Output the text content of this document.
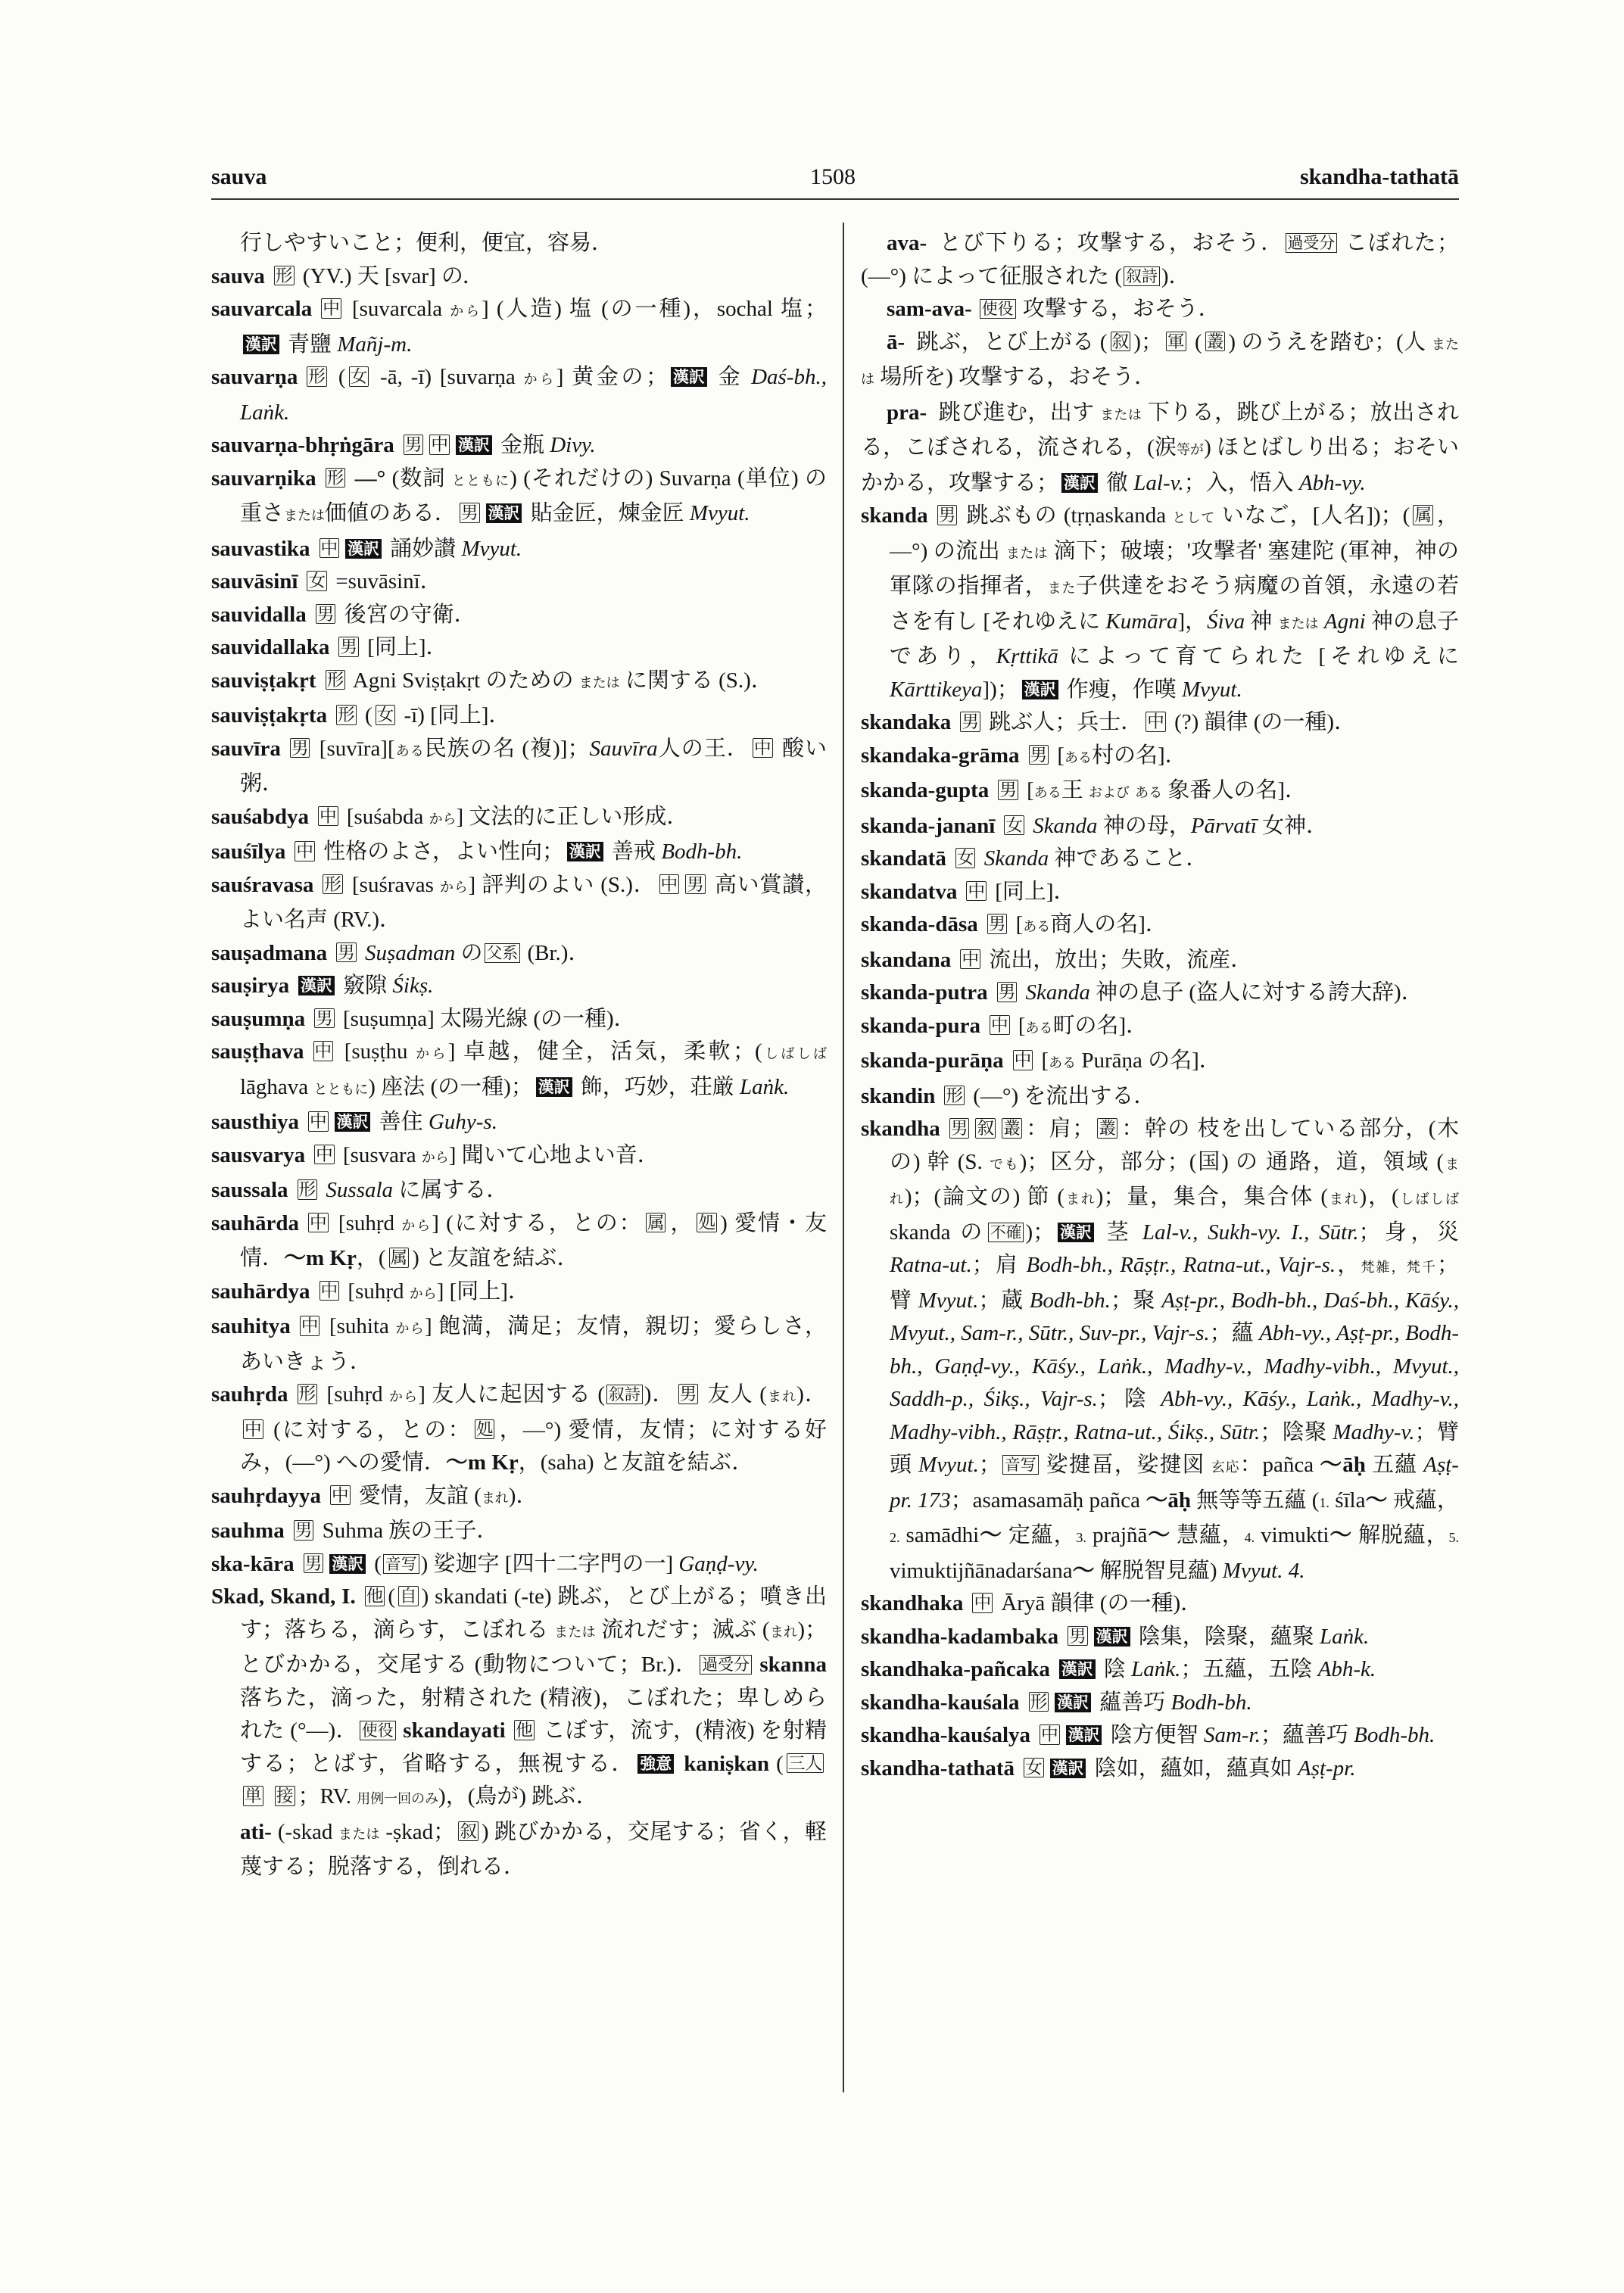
sauva	1508	skandha-tathatā

行しやすいこと；便利，便宜，容易．

sauva 形 (YV.) 天 [svar] の．

sauvarcala 中 [suvarcala から] (人造) 塩 (の一種)，sochal 塩；漢訳 青鹽 Mañj-m.

sauvarṇa 形 ( 女 -ā, -ī) [suvarṇa から] 黄金の； 漢訳 金 Daś-bh., Laṅk.

sauvarṇa-bhṛṅgāra 男 中 漢訳 金瓶 Divy.

sauvarṇika 形 —° (数詞 とともに) (それだけの) Suvarṇa (単位) の重さまたは価値のある． 男 漢訳 貼金匠，煉金匠 Mvyut.

sauvastika 中 漢訳 誦妙讃 Mvyut.

sauvāsinī 女 =suvāsinī．

sauvidalla 男 後宮の守衛．

sauvidallaka 男 [同上]．

sauviṣṭakṛt 形 Agni Sviṣṭakṛt のための または に関する (S.)．

sauviṣṭakṛta 形 ( 女 -ī) [同上]．

sauvīra 男 [suvīra][ある民族の名 (複)]；Sauvīra人の王． 中 酸い粥．

sauśabdya 中 [suśabda から] 文法的に正しい形成．

sauśīlya 中 性格のよさ，よい性向； 漢訳 善戒 Bodh-bh.

sauśravasa 形 [suśravas から] 評判のよい (S.)． 中 男 高い賞讃，よい名声 (RV.)．

sauṣadmana 男 Suṣadman の 父系 (Br.)．

sauṣirya 漢訳 竅隙 Śikṣ.

sauṣumṇa 男 [suṣumṇa] 太陽光線 (の一種)．

sauṣṭhava 中 [suṣṭhu から] 卓越，健全，活気，柔軟；(しばしば lāghava とともに) 座法 (の一種)； 漢訳 飾，巧妙，荘厳 Laṅk.

sausthiya 中 漢訳 善住 Guhy-s.

sausvarya 中 [susvara から] 聞いて心地よい音．

saussala 形 Sussala に属する．

sauhārda 中 [suhṛd から] (に対する，との： 属 ， 処 ) 愛情・友情．～m Kṛ，( 属 ) と友誼を結ぶ．

sauhārdya 中 [suhṛd から] [同上]．

sauhitya 中 [suhita から] 飽満，満足；友情，親切；愛らしさ，あいきょう．

sauhṛda 形 [suhṛd から] 友人に起因する ( 叙詩 )． 男 友人 (まれ)．中 (に対する，との： 処 ，—°) 愛情，友情；に対する好み，(—°) への愛情．～m Kṛ，(saha) と友誼を結ぶ．

sauhṛdayya 中 愛情，友誼 (まれ)．

sauhma 男 Suhma 族の王子．

ska-kāra 男 漢訳 ( 音写 ) 娑迦字 [四十二字門の一] Gaṇḍ-vy.

Skad, Skand, I. 他 ( 自 ) skandati (-te) 跳ぶ，とび上がる；噴き出す；落ちる，滴らす，こぼれる または 流れだす；滅ぶ (まれ)；とびかかる，交尾する (動物について；Br.)． 過受分 skanna 落ちた，滴った，射精された (精液)，こぼれた；卑しめられた (°—)． 使役 skandayati 他 こぼす，流す，(精液) を射精する；とばす，省略する，無視する． 強意 kaniṣkan ( 三人 単 接 ；RV. 用例一回のみ)，(鳥が) 跳ぶ．

ati- (-skad または -ṣkad； 叙 ) 跳びかかる，交尾する；省く，軽蔑する；脱落する，倒れる．

ava- とび下りる；攻撃する，おそう． 過受分 こぼれた；(—°) によって征服された ( 叙詩 )．

sam-ava- 使役 攻撃する，おそう．

ā- 跳ぶ，とび上がる ( 叙 )； 軍 ( 叢 ) のうえを踏む；(人 または 場所を) 攻撃する，おそう．

pra- 跳び進む，出す または 下りる，跳び上がる；放出される，こぼされる，流される，(涙等が) ほとばしり出る；おそいかかる，攻撃する； 漢訳 徹 Lal-v.；入，悟入 Abh-vy.

skanda 男 跳ぶもの (tṛṇaskanda として いなご，[人名])；( 属 ，—°) の流出 または 滴下；破壊；'攻撃者' 塞建陀 (軍神，神の軍隊の指揮者，また子供達をおそう病魔の首領，永遠の若さを有し [それゆえに Kumāra]，Śiva 神 または Agni 神の息子であり，Kṛttikā によって育てられた [それゆえに Kārttikeya])； 漢訳 作痩，作嘆 Mvyut.

skandaka 男 跳ぶ人；兵士． 中 (?) 韻律 (の一種)．

skandaka-grāma 男 [ある村の名]．

skanda-gupta 男 [ある王 および ある 象番人の名]．

skanda-jananī 女 Skanda 神の母，Pārvatī 女神．

skandatā 女 Skanda 神であること．

skandatva 中 [同上]．

skanda-dāsa 男 [ある商人の名]．

skandana 中 流出，放出；失敗，流産．

skanda-putra 男 Skanda 神の息子 (盗人に対する誇大辞)．

skanda-pura 中 [ある町の名]．

skanda-purāṇa 中 [ある Purāṇa の名]．

skandin 形 (—°) を流出する．

skandha 男 叙 叢 ：肩； 叢 ：幹の 枝を出している部分，(木の) 幹 (S. でも)；区分，部分；(国) の 通路，道，領域 (まれ)；(論文の) 節 (まれ)；量，集合，集合体 (まれ)，(しばしば skanda の 不確 )； 漢訳 茎 Lal-v., Sukh-vy. I., Sūtr.；身，災 Ratna-ut.；肩 Bodh-bh., Rāṣṭr., Ratna-ut., Vajr-s.，梵雑，梵千；臂 Mvyut.；蔵 Bodh-bh.；聚 Aṣṭ-pr., Bodh-bh., Daś-bh., Kāśy., Mvyut., Sam-r., Sūtr., Suv-pr., Vajr-s.；蘊 Abh-vy., Aṣṭ-pr., Bodh-bh., Gaṇḍ-vy., Kāśy., Laṅk., Madhy-v., Madhy-vibh., Mvyut., Saddh-p., Śikṣ., Vajr-s.；陰 Abh-vy., Kāśy., Laṅk., Madhy-v., Madhy-vibh., Rāṣṭr., Ratna-ut., Śikṣ., Sūtr.；陰聚 Madhy-v.；臂頭 Mvyut.； 音写 娑揵畐，娑揵図 玄応：pañca ～āḥ 五蘊 Aṣṭ-pr. 173；asamasamāḥ pañca ～āḥ 無等等五蘊 (1. śīla～ 戒蘊，2. samādhi～ 定蘊，3. prajñā～ 慧蘊，4. vimukti～ 解脱蘊，5. vimuktijñānadarśana～ 解脱智見蘊) Mvyut. 4.

skandhaka 中 Āryā 韻律 (の一種)．

skandha-kadambaka 男 漢訳 陰集，陰聚，蘊聚 Laṅk.

skandhaka-pañcaka 漢訳 陰 Laṅk.；五蘊，五陰 Abh-k.

skandha-kauśala 形 漢訳 蘊善巧 Bodh-bh.

skandha-kauśalya 中 漢訳 陰方便智 Sam-r.；蘊善巧 Bodh-bh.

skandha-tathatā 女 漢訳 陰如，蘊如，蘊真如 Aṣṭ-pr.
